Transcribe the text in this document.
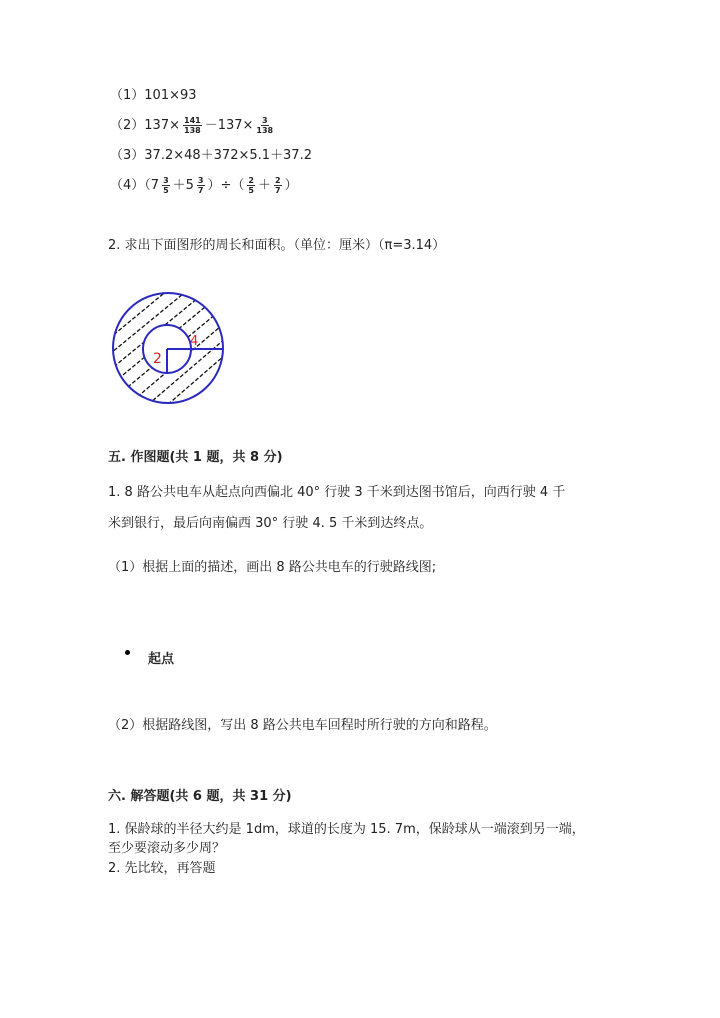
（1）101×93
$(2)137\times \frac{141}{138} -137\times \frac{3}{138}$
（3）37.2×48＋372×5.1＋37.2
$(4)(7 \frac{3}{5} +5 \frac{3}{7}$ ）÷（ $\frac{2}{5} + \frac{2}{7}$ ）
2. 求出下面图形的周长和面积。（单位：厘米）（π=3.14）
4
2
五. 作图题(共 1 题，共 8 分)
1. 8 路公共电车从起点向西偏北 40° 行驶 3 千米到达图书馆后，向西行驶 4 千
米到银行，最后向南偏西 30° 行驶 4. 5 千米到达终点。
（1）根据上面的描述，画出 8 路公共电车的行驶路线图;
起点
（2）根据路线图，写出 8 路公共电车回程时所行驶的方向和路程。
六. 解答题(共 6 题，共 31 分)
1. 保龄球的半径大约是 1dm，球道的长度为 15. 7m，保龄球从一端滚到另一端，
至少要滚动多少周？
2. 先比较，再答题
